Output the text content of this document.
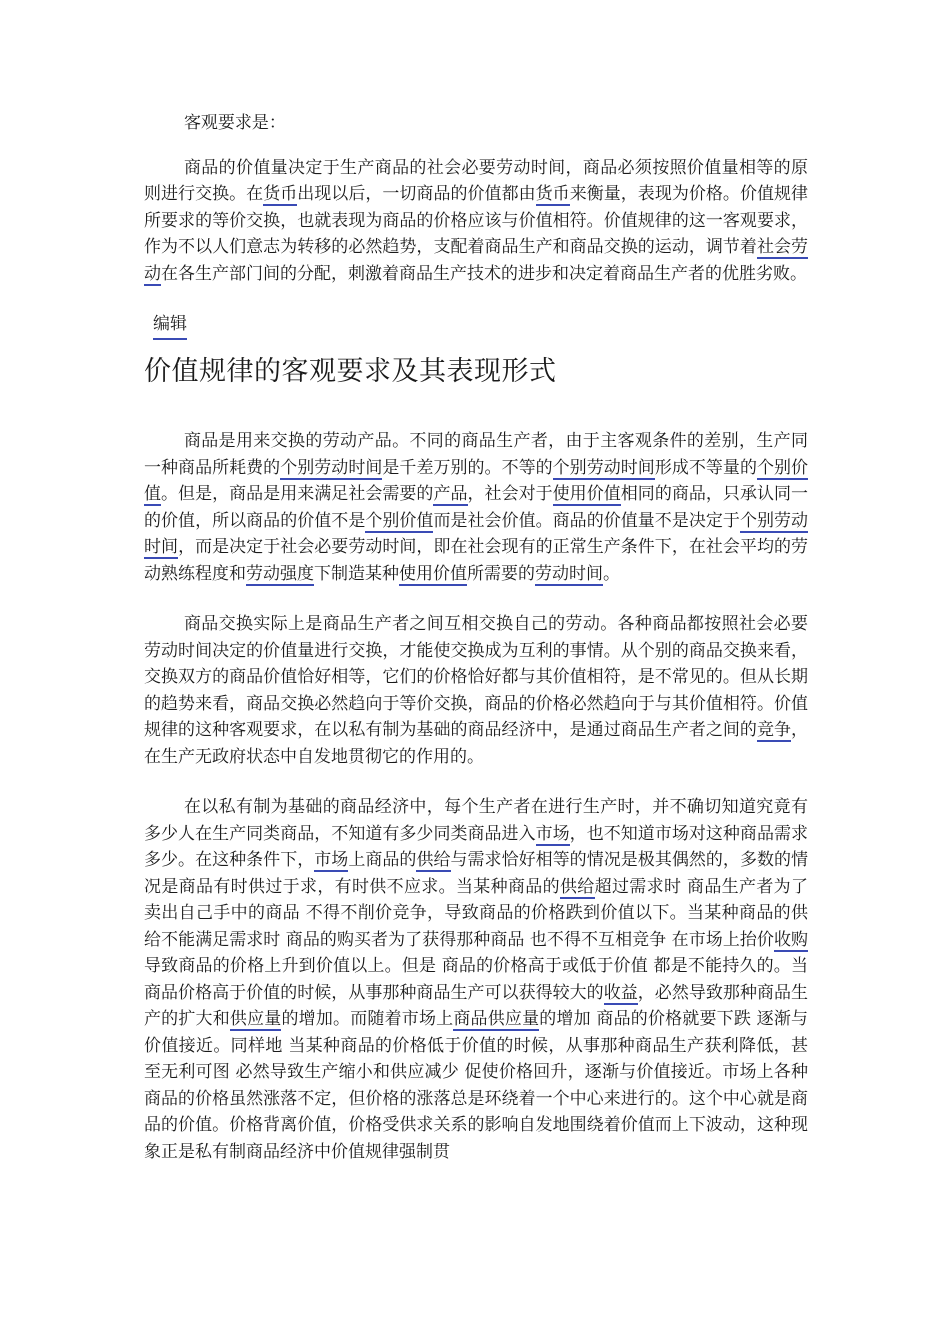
客观要求是：

商品的价值量决定于生产商品的社会必要劳动时间，商品必须按照价值量相等的原则进行交换。在货币出现以后，一切商品的价值都由货币来衡量，表现为价格。价值规律所要求的等价交换，也就表现为商品的价格应该与价值相符。价值规律的这一客观要求，作为不以人们意志为转移的必然趋势，支配着商品生产和商品交换的运动，调节着社会劳动在各生产部门间的分配，刺激着商品生产技术的进步和决定着商品生产者的优胜劣败。

编辑
价值规律的客观要求及其表现形式

商品是用来交换的劳动产品。不同的商品生产者，由于主客观条件的差别，生产同一种商品所耗费的个别劳动时间是千差万别的。不等的个别劳动时间形成不等量的个别价值。但是，商品是用来满足社会需要的产品，社会对于使用价值相同的商品，只承认同一的价值，所以商品的价值不是个别价值而是社会价值。商品的价值量不是决定于个别劳动时间，而是决定于社会必要劳动时间，即在社会现有的正常生产条件下，在社会平均的劳动熟练程度和劳动强度下制造某种使用价值所需要的劳动时间。

商品交换实际上是商品生产者之间互相交换自己的劳动。各种商品都按照社会必要劳动时间决定的价值量进行交换，才能使交换成为互利的事情。从个别的商品交换来看，交换双方的商品价值恰好相等，它们的价格恰好都与其价值相符，是不常见的。但从长期的趋势来看，商品交换必然趋向于等价交换，商品的价格必然趋向于与其价值相符。价值规律的这种客观要求，在以私有制为基础的商品经济中，是通过商品生产者之间的竞争，在生产无政府状态中自发地贯彻它的作用的。

在以私有制为基础的商品经济中，每个生产者在进行生产时，并不确切知道究竟有多少人在生产同类商品，不知道有多少同类商品进入市场，也不知道市场对这种商品需求多少。在这种条件下，市场上商品的供给与需求恰好相等的情况是极其偶然的，多数的情况是商品有时供过于求，有时供不应求。当某种商品的供给超过需求时 商品生产者为了卖出自己手中的商品 不得不削价竞争，导致商品的价格跌到价值以下。当某种商品的供给不能满足需求时 商品的购买者为了获得那种商品 也不得不互相竞争 在市场上抬价收购 导致商品的价格上升到价值以上。但是 商品的价格高于或低于价值 都是不能持久的。当商品价格高于价值的时候，从事那种商品生产可以获得较大的收益，必然导致那种商品生产的扩大和供应量的增加。而随着市场上商品供应量的增加 商品的价格就要下跌 逐渐与价值接近。同样地 当某种商品的价格低于价值的时候，从事那种商品生产获利降低，甚至无利可图 必然导致生产缩小和供应减少 促使价格回升，逐渐与价值接近。市场上各种商品的价格虽然涨落不定，但价格的涨落总是环绕着一个中心来进行的。这个中心就是商品的价值。价格背离价值，价格受供求关系的影响自发地围绕着价值而上下波动，这种现象正是私有制商品经济中价值规律强制贯
